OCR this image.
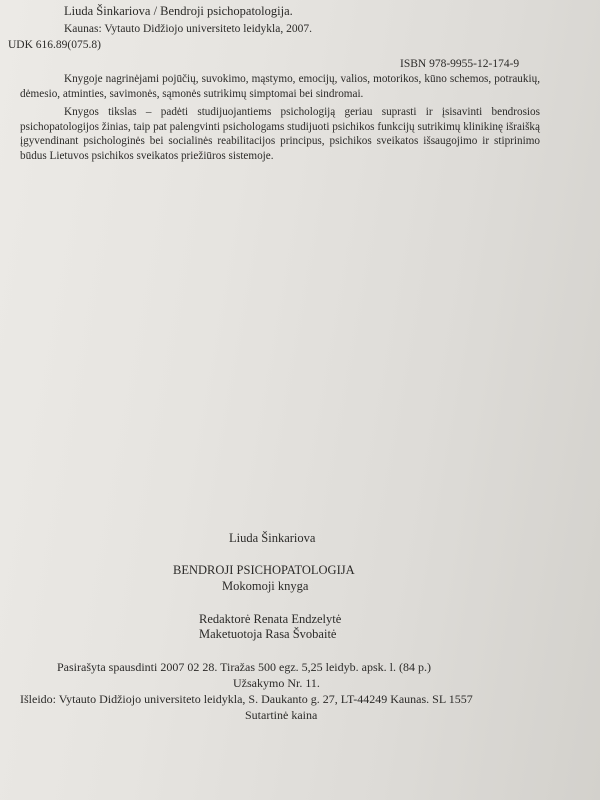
Liuda Šinkariova / Bendroji psichopatologija.

Kaunas: Vytauto Didžiojo universiteto leidykla, 2007.

UDK 616.89(075.8)

ISBN 978-9955-12-174-9

Knygoje nagrinėjami pojūčių, suvokimo, mąstymo, emocijų, valios, motorikos, kūno schemos, potraukių, dėmesio, atminties, savimonės, sąmonės sutrikimų simptomai bei sindromai.

Knygos tikslas – padėti studijuojantiems psichologiją geriau suprasti ir įsisavinti bendrosios psichopatologijos žinias, taip pat palengvinti psichologams studijuoti psichikos funkcijų sutrikimų klinikinę išraišką įgyvendinant psichologinės bei socialinės reabilitacijos principus, psichikos sveikatos išsaugojimo ir stiprinimo būdus Lietuvos psichikos sveikatos priežiūros sistemoje.

Liuda Šinkariova

BENDROJI PSICHOPATOLOGIJA

Mokomoji knyga

Redaktorė Renata Endzelytė

Maketuotoja Rasa Švobaitė

Pasirašyta spausdinti 2007 02 28. Tiražas 500 egz. 5,25 leidyb. apsk. l. (84 p.)

Užsakymo Nr. 11.

Išleido: Vytauto Didžiojo universiteto leidykla, S. Daukanto g. 27, LT-44249 Kaunas. SL 1557

Sutartinė kaina
